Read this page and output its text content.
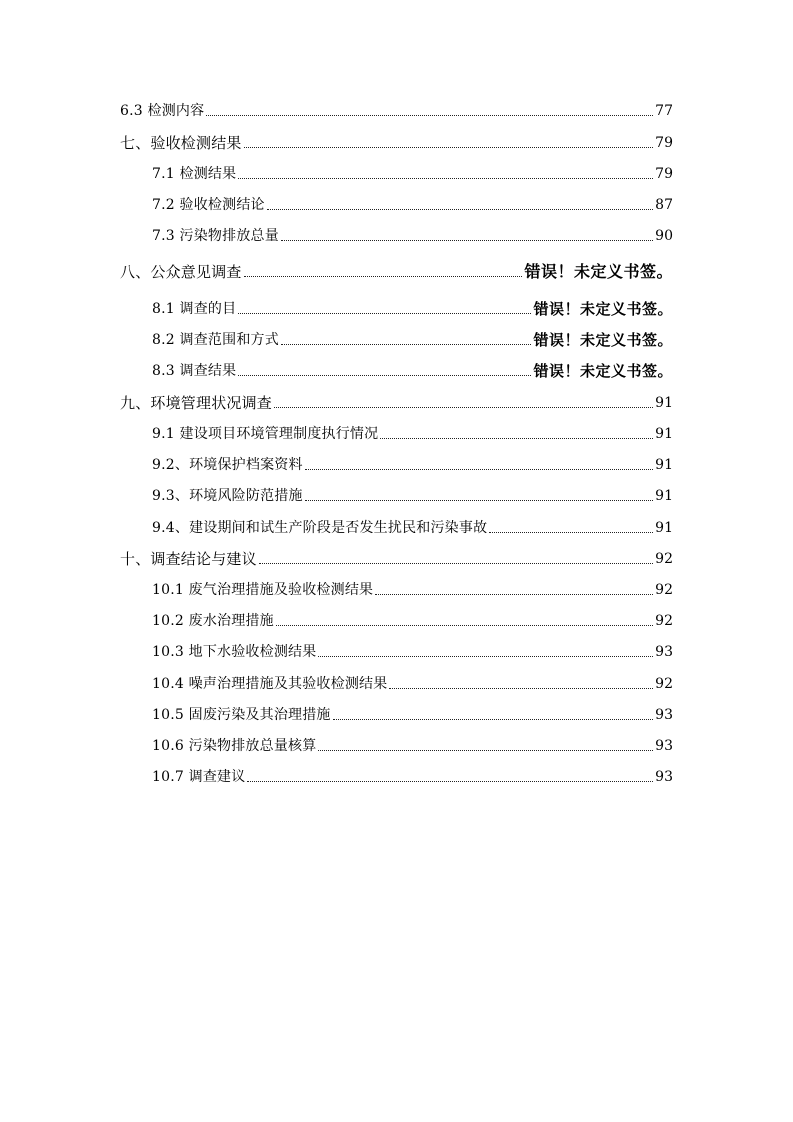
6.3 检测内容	77
七、验收检测结果	79
7.1 检测结果	79
7.2 验收检测结论	87
7.3 污染物排放总量	90
八、公众意见调查	错误！未定义书签。
8.1 调查的目	错误！未定义书签。
8.2 调查范围和方式	错误！未定义书签。
8.3 调查结果	错误！未定义书签。
九、环境管理状况调查	91
9.1 建设项目环境管理制度执行情况	91
9.2、环境保护档案资料	91
9.3、环境风险防范措施	91
9.4、建设期间和试生产阶段是否发生扰民和污染事故	91
十、调查结论与建议	92
10.1 废气治理措施及验收检测结果	92
10.2 废水治理措施	92
10.3 地下水验收检测结果	93
10.4 噪声治理措施及其验收检测结果	92
10.5 固废污染及其治理措施	93
10.6 污染物排放总量核算	93
10.7 调查建议	93
